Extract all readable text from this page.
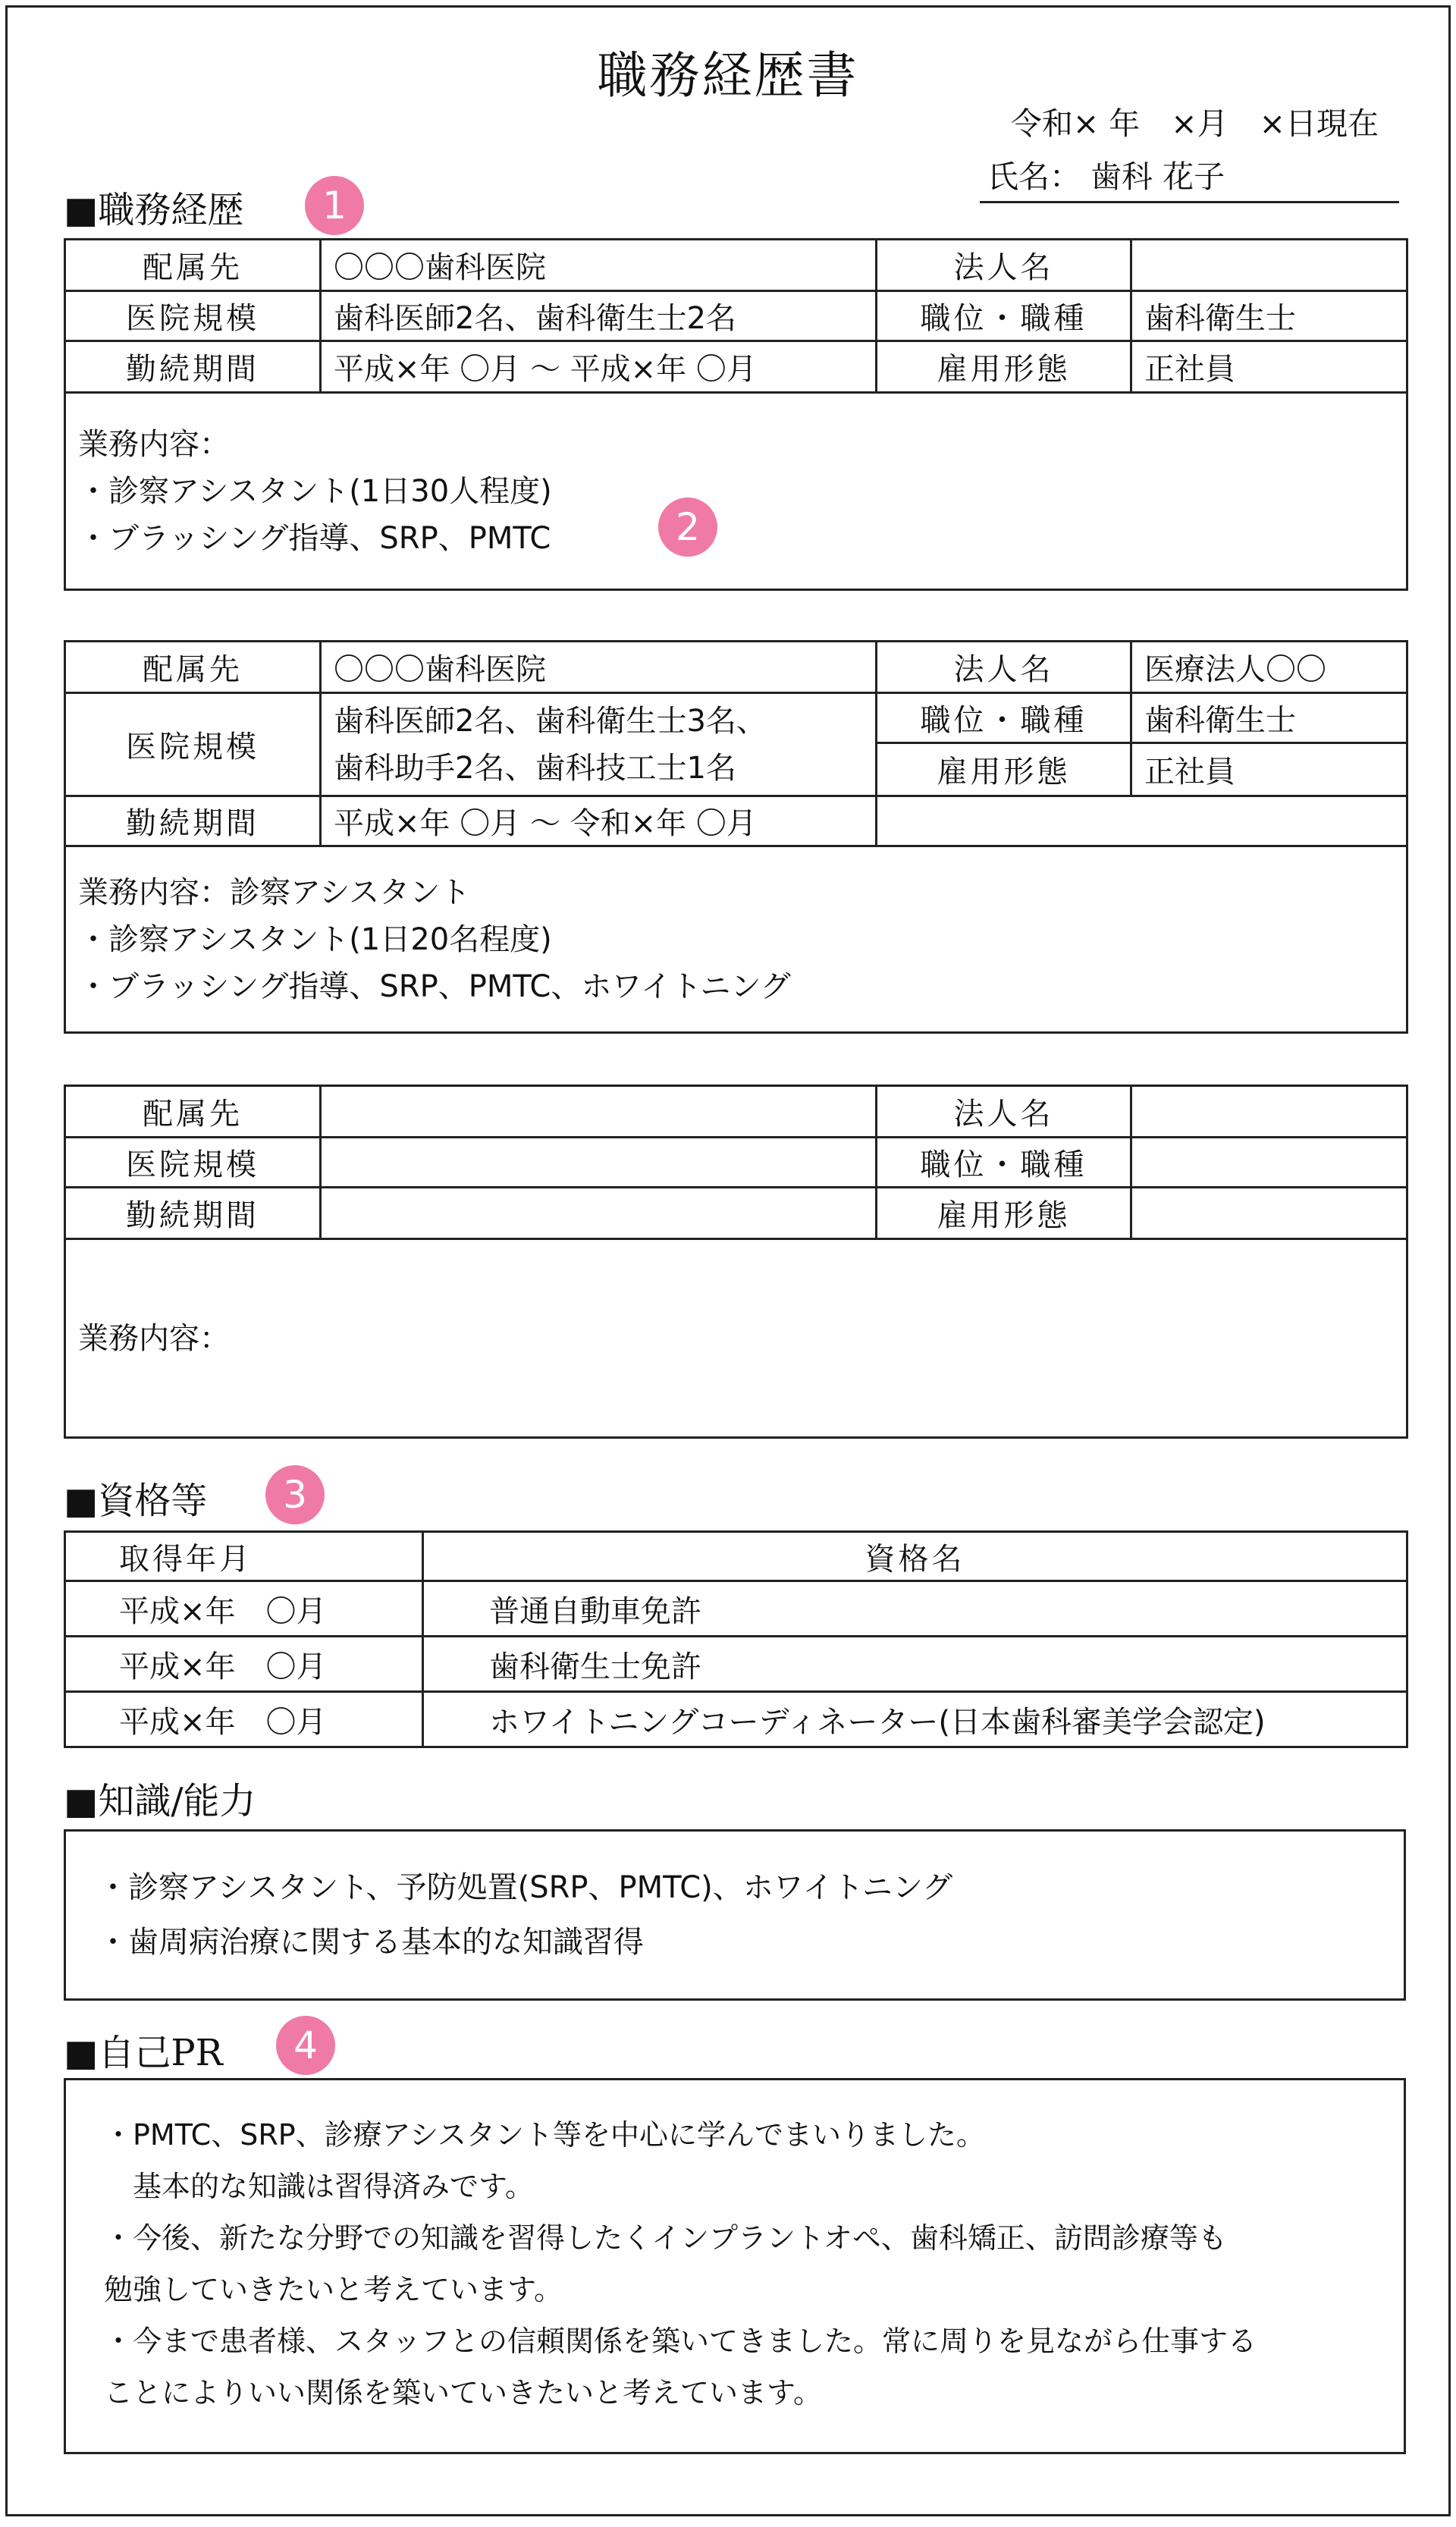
職務経歴書
令和× 年　×月　×日現在
氏名： 歯科 花子
■職務経歴	1
配属先	〇〇〇歯科医院	法人名	
医院規模	歯科医師2名、歯科衛生士2名	職位・職種	歯科衛生士
勤続期間	平成×年 〇月 〜 平成×年 〇月	雇用形態	正社員

業務内容：
・診察アシスタント(1日30人程度)
・ブラッシング指導、SRP、PMTC				2
配属先	〇〇〇歯科医院	法人名	医療法人〇〇
医院規模	歯科医師2名、歯科衛生士3名、
歯科助手2名、歯科技工士1名	職位・職種	歯科衛生士
		雇用形態	正社員
勤続期間	平成×年 〇月 〜 令和×年 〇月		

業務内容：診察アシスタント
・診察アシスタント(1日20名程度)
・ブラッシング指導、SRP、PMTC、ホワイトニング			
配属先		法人名	
医院規模		職位・職種	
勤続期間		雇用形態	

業務内容：			
■資格等	3
取得年月	資格名
平成×年　〇月	普通自動車免許
平成×年　〇月	歯科衛生士免許
平成×年　〇月	ホワイトニングコーディネーター(日本歯科審美学会認定)
■知識/能力
・診察アシスタント、予防処置(SRP、PMTC)、ホワイトニング
・歯周病治療に関する基本的な知識習得
■自己PR	4
・PMTC、SRP、診療アシスタント等を中心に学んでまいりました。
　基本的な知識は習得済みです。
・今後、新たな分野での知識を習得したくインプラントオペ、歯科矯正、訪問診療等も
勉強していきたいと考えています。
・今まで患者様、スタッフとの信頼関係を築いてきました。常に周りを見ながら仕事する
ことによりいい関係を築いていきたいと考えています。
